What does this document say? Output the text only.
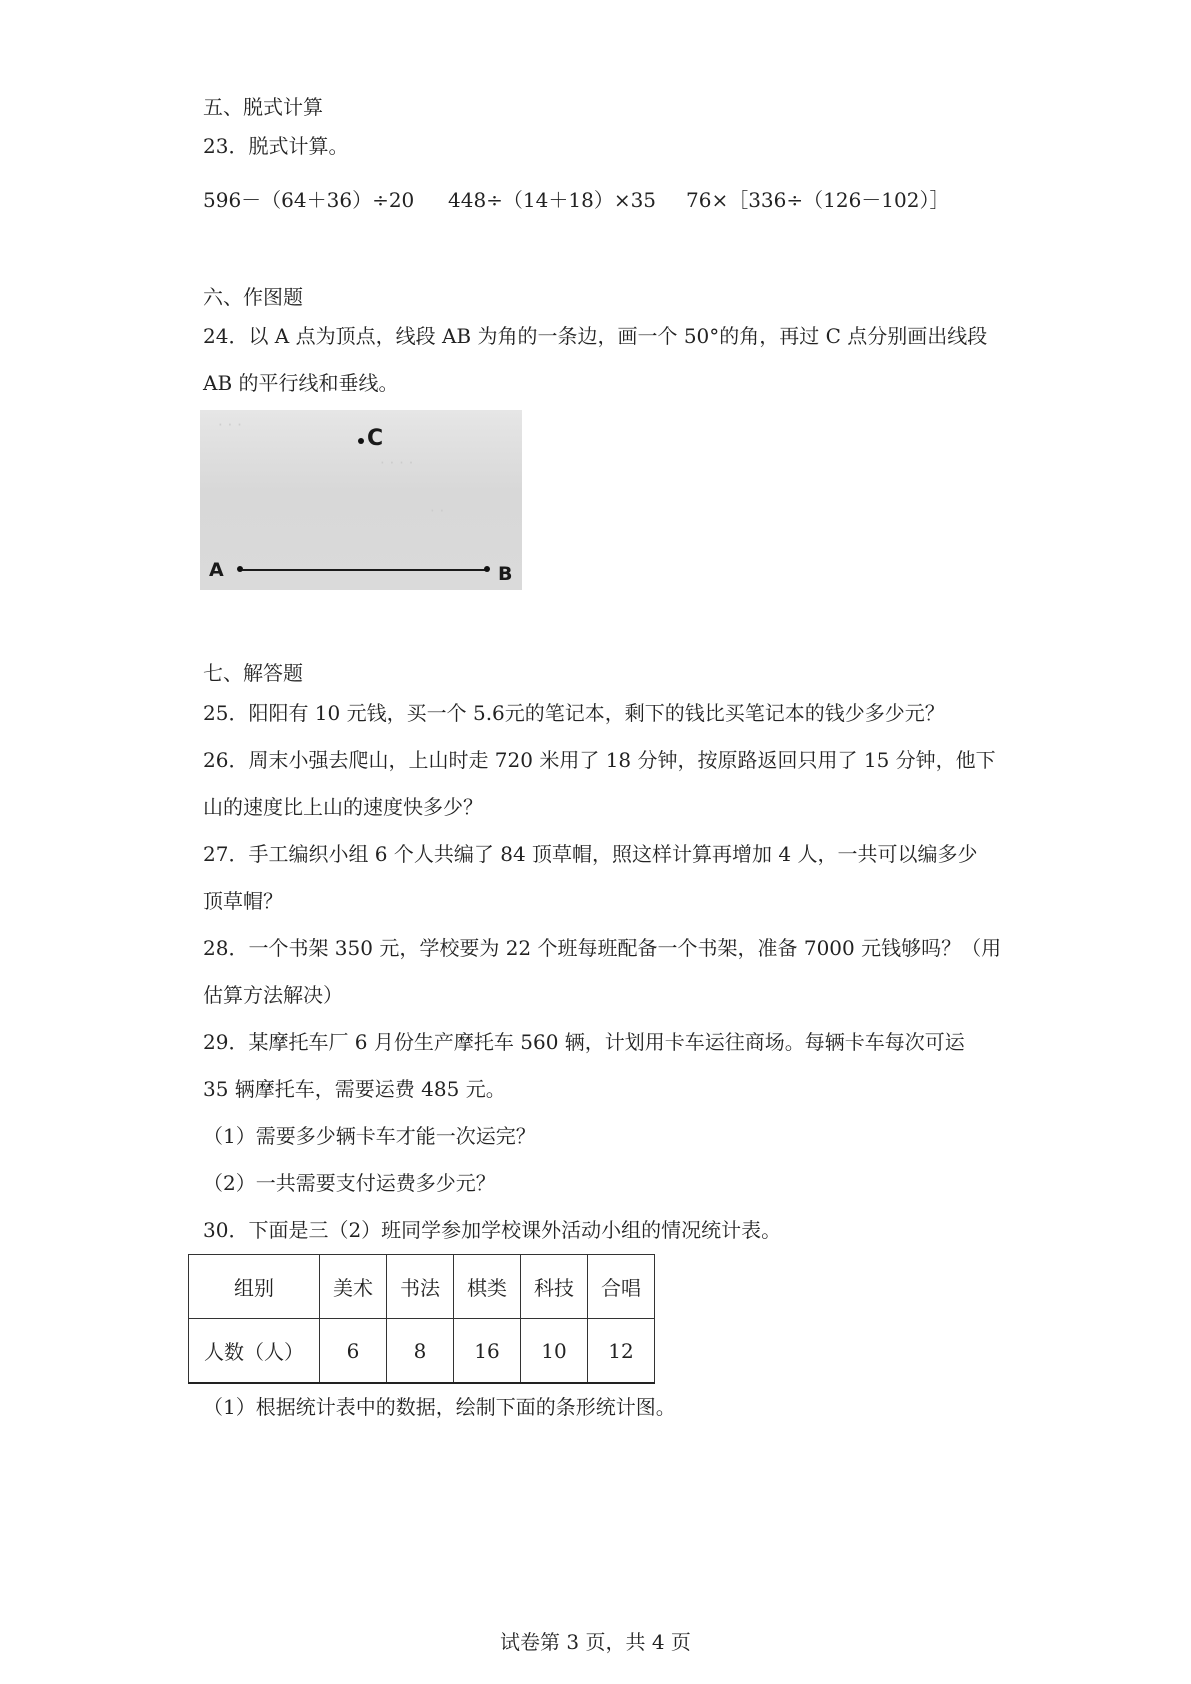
五、脱式计算
23．脱式计算。
596－（64＋36）÷20 448÷（14＋18）×35 76×［336÷（126－102）］
六、作图题
24．以 A 点为顶点，线段 AB 为角的一条边，画一个 50°的角，再过 C 点分别画出线段
AB 的平行线和垂线。
· · ·
· · · ·
· ·
C
A	B
七、解答题
25．阳阳有 10 元钱，买一个 5.6元的笔记本，剩下的钱比买笔记本的钱少多少元？
26．周末小强去爬山，上山时走 720 米用了 18 分钟，按原路返回只用了 15 分钟，他下
山的速度比上山的速度快多少？
27．手工编织小组 6 个人共编了 84 顶草帽，照这样计算再增加 4 人，一共可以编多少
顶草帽？
28．一个书架 350 元，学校要为 22 个班每班配备一个书架，准备 7000 元钱够吗？（用
估算方法解决）
29．某摩托车厂 6 月份生产摩托车 560 辆，计划用卡车运往商场。每辆卡车每次可运
35 辆摩托车，需要运费 485 元。
（1）需要多少辆卡车才能一次运完？
（2）一共需要支付运费多少元？
30．下面是三（2）班同学参加学校课外活动小组的情况统计表。
组别	美术	书法	棋类	科技	合唱
人数（人）	6	8	16	10	12
（1）根据统计表中的数据，绘制下面的条形统计图。
试卷第 3 页，共 4 页
